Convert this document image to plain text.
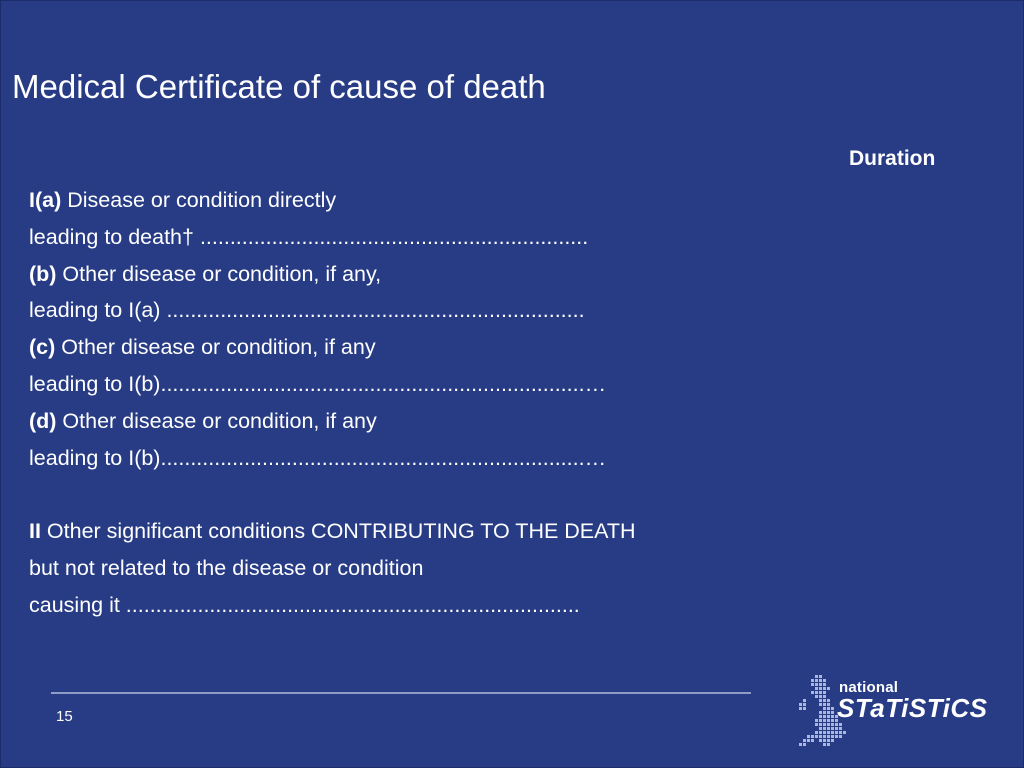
Medical Certificate of cause of death
Duration
I(a) Disease or condition directly
leading to death† .................................................................
(b) Other disease or condition, if any,
leading to I(a) ......................................................................
(c) Other disease or condition, if any
leading to I(b).......................................................................…
(d) Other disease or condition, if any
leading to I(b).......................................................................…
II Other significant conditions CONTRIBUTING TO THE DEATH
but not related to the disease or condition
causing it ............................................................................
15
national
STaTiSTiCS
